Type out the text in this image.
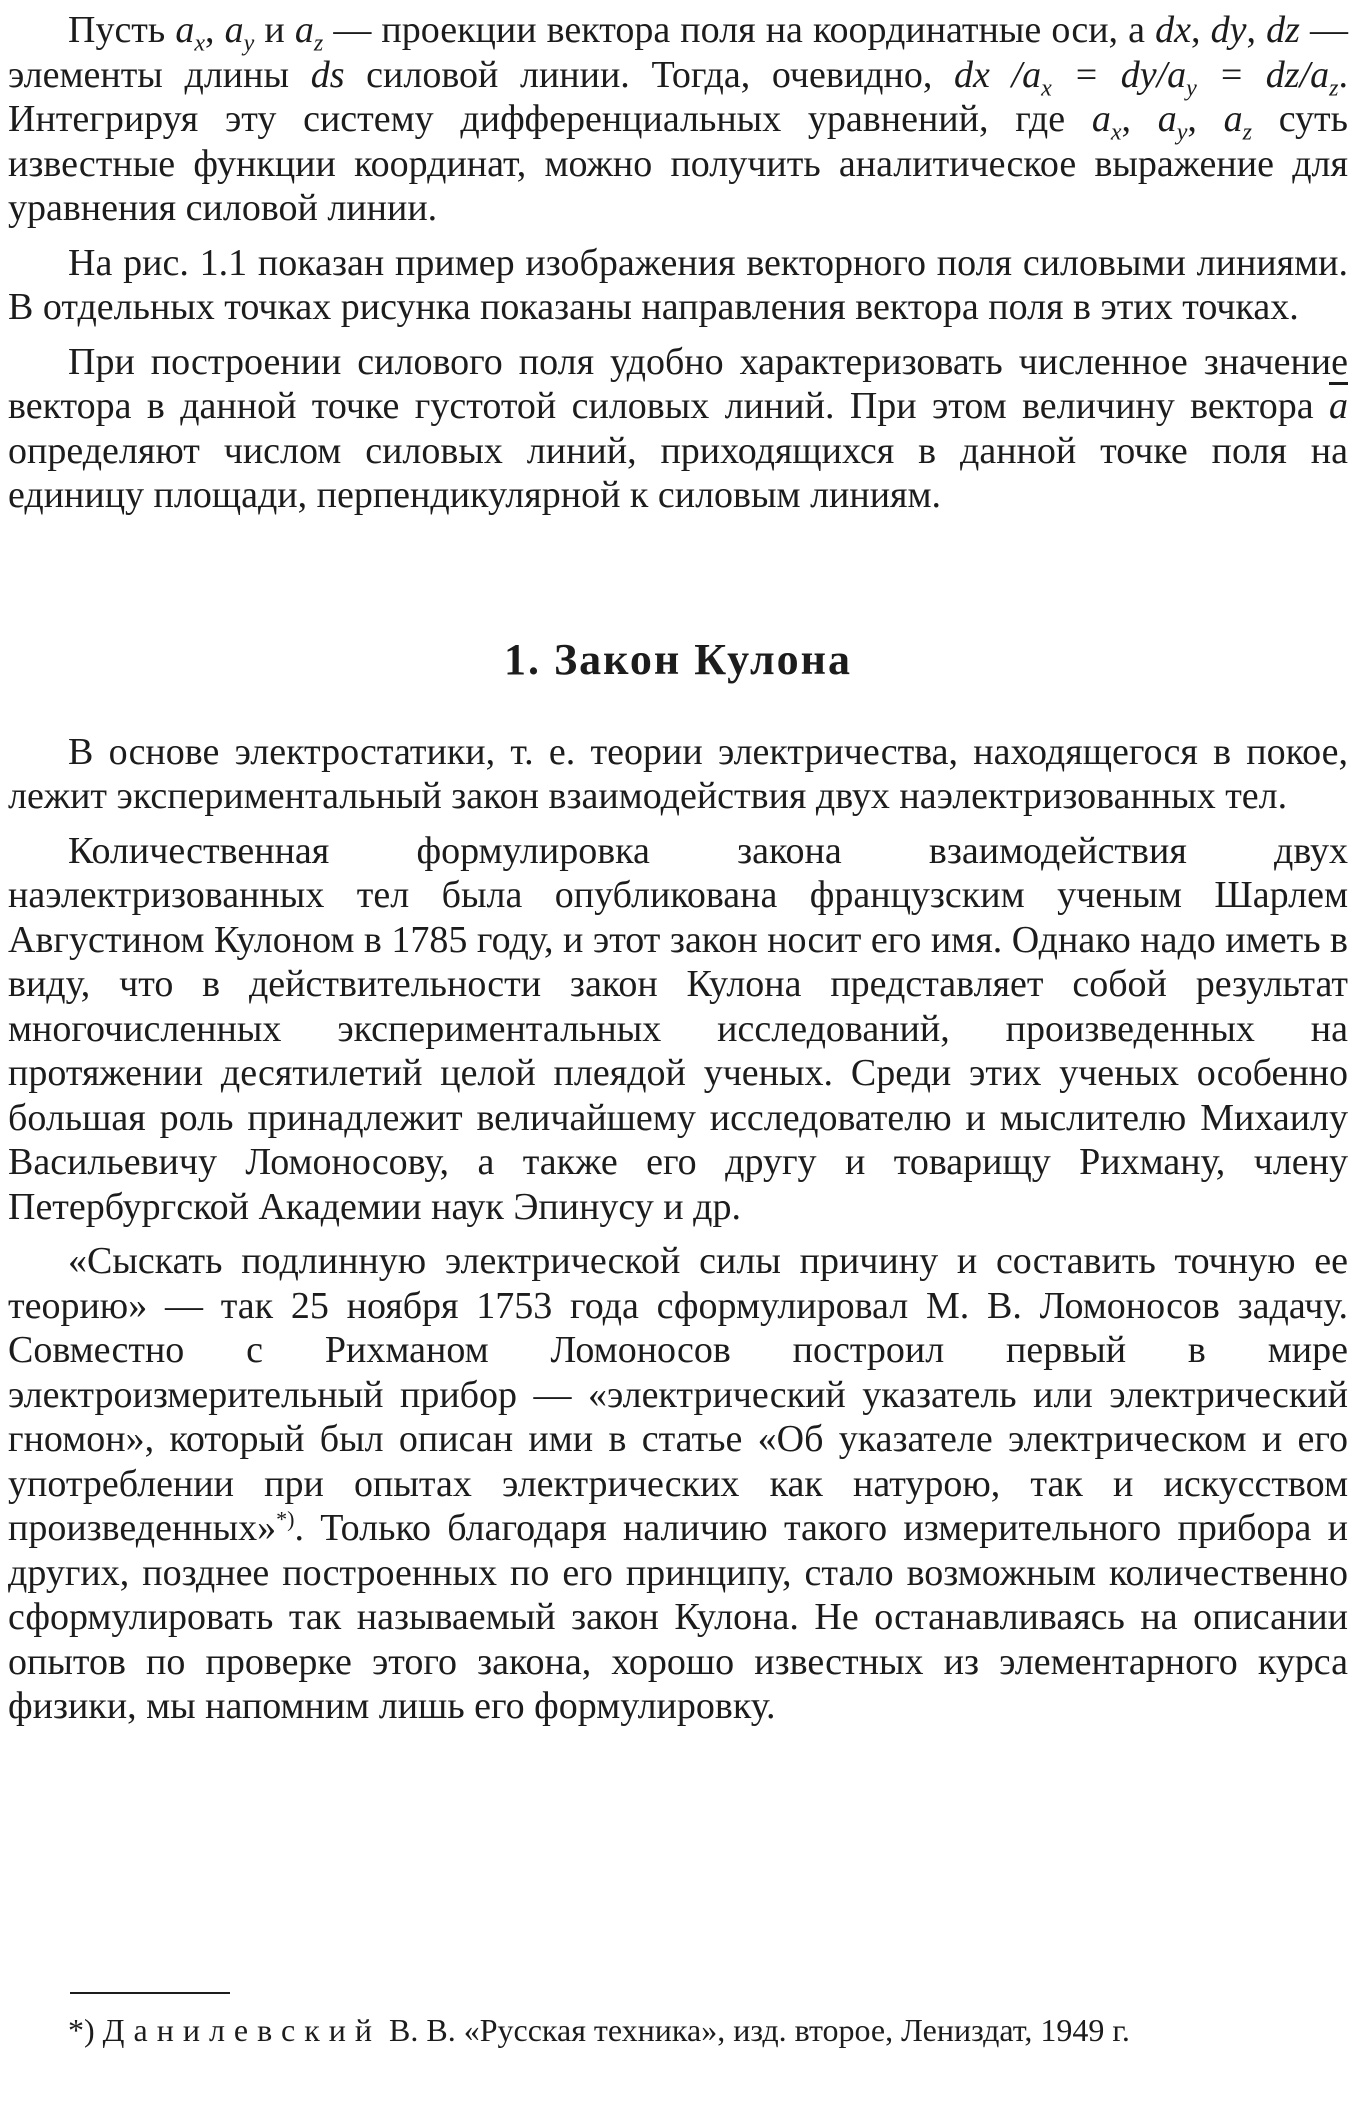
Пусть $a_x$, $a_y$ и $a_z$ — проекции вектора поля на координатные оси, а dx, dy, dz — элементы длины ds силовой линии. Тогда, очевидно, dx $/a_x = dy/a_y = dz/a_z$. Интегрируя эту систему дифференциальных уравнений, где $a_x$, $a_y$, $a_z$ суть известные функции координат, можно получить аналитическое выражение для уравнения силовой линии.

На рис. 1.1 показан пример изображения векторного поля силовыми линиями. В отдельных точках рисунка показаны направления вектора поля в этих точках.

При построении силового поля удобно характеризовать численное значение вектора в данной точке густотой силовых линий. При этом величину вектора $\overline{a}$ определяют числом силовых линий, приходящихся в данной точке поля на единицу площади, перпендикулярной к силовым линиям.

1. Закон Кулона

В основе электростатики, т. е. теории электричества, находящегося в покое, лежит экспериментальный закон взаимодействия двух наэлектризованных тел.

Количественная формулировка закона взаимодействия двух наэлектризованных тел была опубликована французским ученым Шарлем Августином Кулоном в 1785 году, и этот закон носит его имя. Однако надо иметь в виду, что в действительности закон Кулона представляет собой результат многочисленных экспериментальных исследований, произведенных на протяжении десятилетий целой плеядой ученых. Среди этих ученых особенно большая роль принадлежит величайшему исследователю и мыслителю Михаилу Васильевичу Ломоносову, а также его другу и товарищу Рихману, члену Петербургской Академии наук Эпинусу и др.

«Сыскать подлинную электрической силы причину и составить точную ее теорию» — так 25 ноября 1753 года сформулировал М. В. Ломоносов задачу. Совместно с Рихманом Ломоносов построил первый в мире электроизмерительный прибор — «электрический указатель или электрический гномон», который был описан ими в статье «Об указателе электрическом и его употреблении при опытах электрических как натурою, так и искусством произведенных»*). Только благодаря наличию такого измерительного прибора и других, позднее построенных по его принципу, стало возможным количественно сформулировать так называемый закон Кулона. Не останавливаясь на описании опытов по проверке этого закона, хорошо известных из элементарного курса физики, мы напомним лишь его формулировку.

*) Данилевский В. В. «Русская техника», изд. второе, Лениздат, 1949 г.
